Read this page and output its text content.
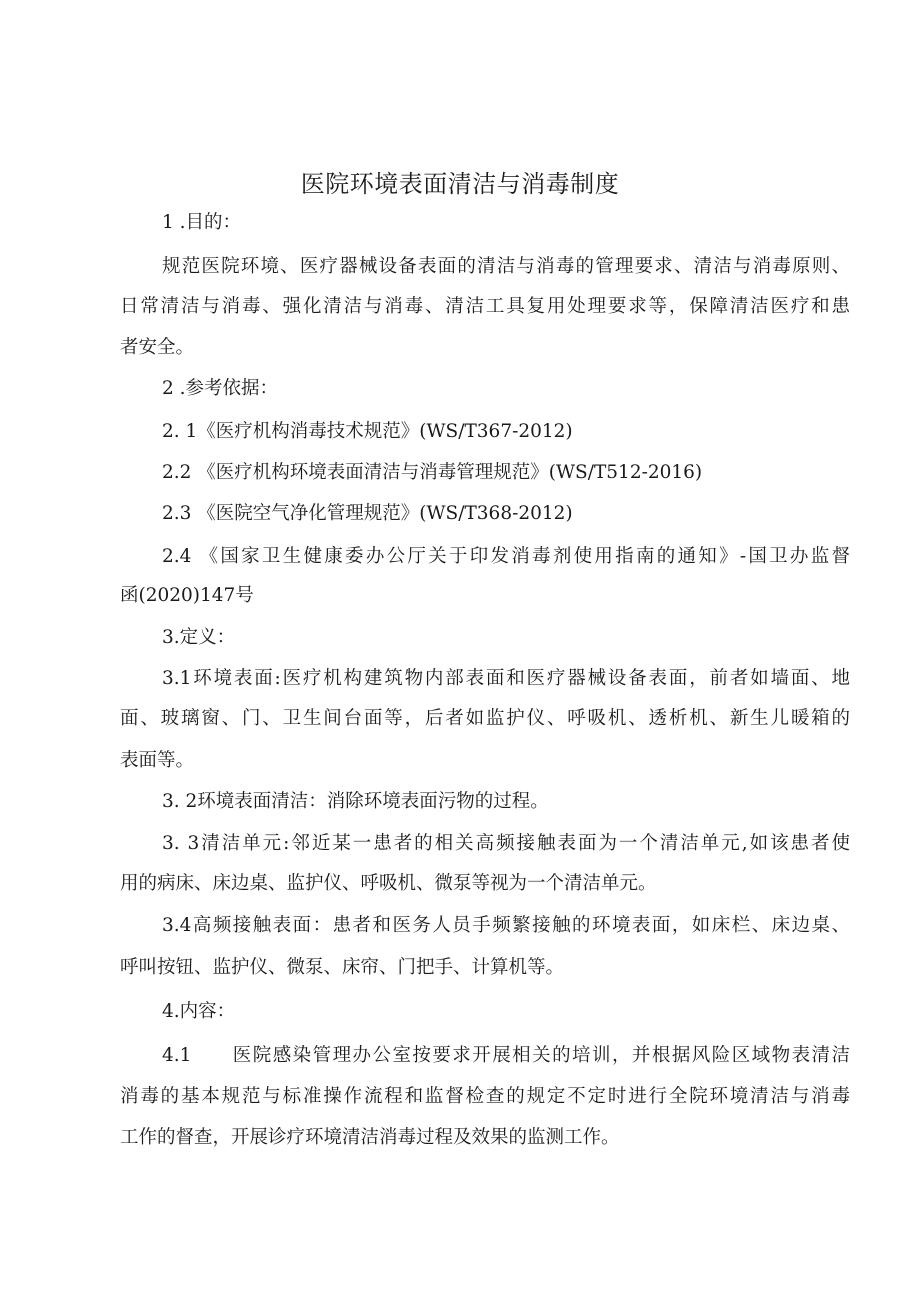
医院环境表面清洁与消毒制度
1 .目的：
规范医院环境、医疗器械设备表面的清洁与消毒的管理要求、清洁与消毒原则、
日常清洁与消毒、强化清洁与消毒、清洁工具复用处理要求等，保障清洁医疗和患
者安全。
2 .参考依据：
2. 1《医疗机构消毒技术规范》(WS/T367-2012)
2.2 《医疗机构环境表面清洁与消毒管理规范》(WS/T512-2016)
2.3 《医院空气净化管理规范》(WS/T368-2012)
2.4 《国家卫生健康委办公厅关于印发消毒剂使用指南的通知》-国卫办监督
函(2020)147号
3.定义：
3.1环境表面:医疗机构建筑物内部表面和医疗器械设备表面，前者如墙面、地
面、玻璃窗、门、卫生间台面等，后者如监护仪、呼吸机、透析机、新生儿暖箱的
表面等。
3. 2环境表面清洁：消除环境表面污物的过程。
3. 3清洁单元:邻近某一患者的相关高频接触表面为一个清洁单元,如该患者使
用的病床、床边桌、监护仪、呼吸机、微泵等视为一个清洁单元。
3.4高频接触表面：患者和医务人员手频繁接触的环境表面，如床栏、床边桌、
呼叫按钮、监护仪、微泵、床帘、门把手、计算机等。
4.内容：
4.1　　医院感染管理办公室按要求开展相关的培训，并根据风险区域物表清洁
消毒的基本规范与标准操作流程和监督检查的规定不定时进行全院环境清洁与消毒
工作的督查，开展诊疗环境清洁消毒过程及效果的监测工作。
